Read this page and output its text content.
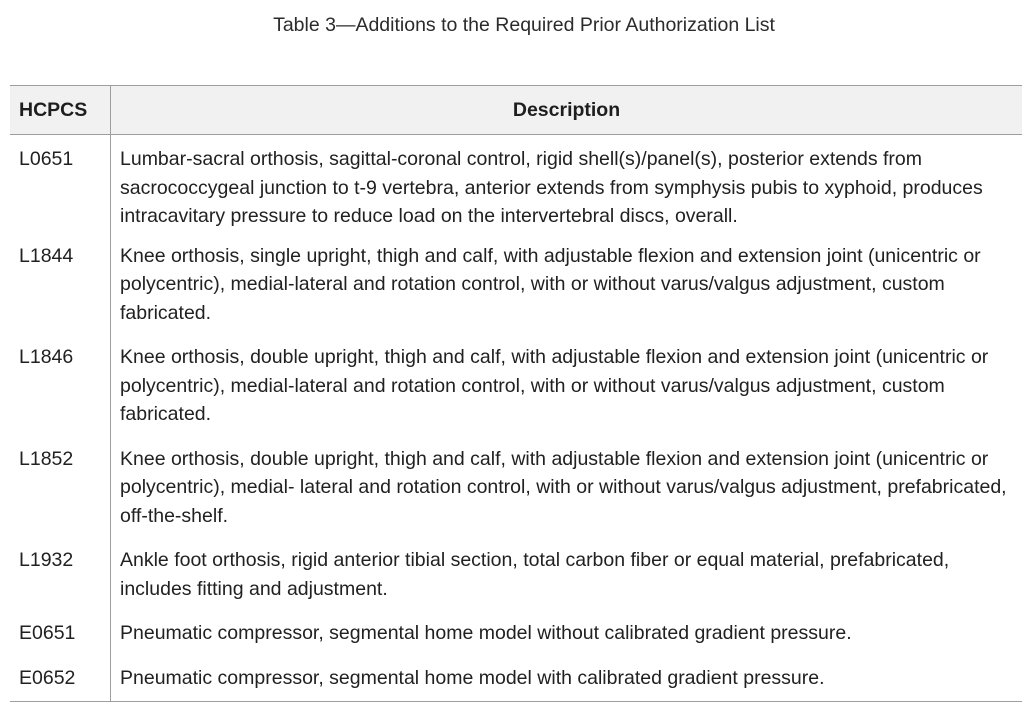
Table 3—Additions to the Required Prior Authorization List
HCPCS	Description
L0651	Lumbar-sacral orthosis, sagittal-coronal control, rigid shell(s)/panel(s), posterior extends from sacrococcygeal junction to t-9 vertebra, anterior extends from symphysis pubis to xyphoid, produces intracavitary pressure to reduce load on the intervertebral discs, overall.
L1844	Knee orthosis, single upright, thigh and calf, with adjustable flexion and extension joint (unicentric or polycentric), medial-lateral and rotation control, with or without varus/valgus adjustment, custom fabricated.
L1846	Knee orthosis, double upright, thigh and calf, with adjustable flexion and extension joint (unicentric or polycentric), medial-lateral and rotation control, with or without varus/valgus adjustment, custom fabricated.
L1852	Knee orthosis, double upright, thigh and calf, with adjustable flexion and extension joint (unicentric or polycentric), medial- lateral and rotation control, with or without varus/valgus adjustment, prefabricated, off-the-shelf.
L1932	Ankle foot orthosis, rigid anterior tibial section, total carbon fiber or equal material, prefabricated, includes fitting and adjustment.
E0651	Pneumatic compressor, segmental home model without calibrated gradient pressure.
E0652	Pneumatic compressor, segmental home model with calibrated gradient pressure.
